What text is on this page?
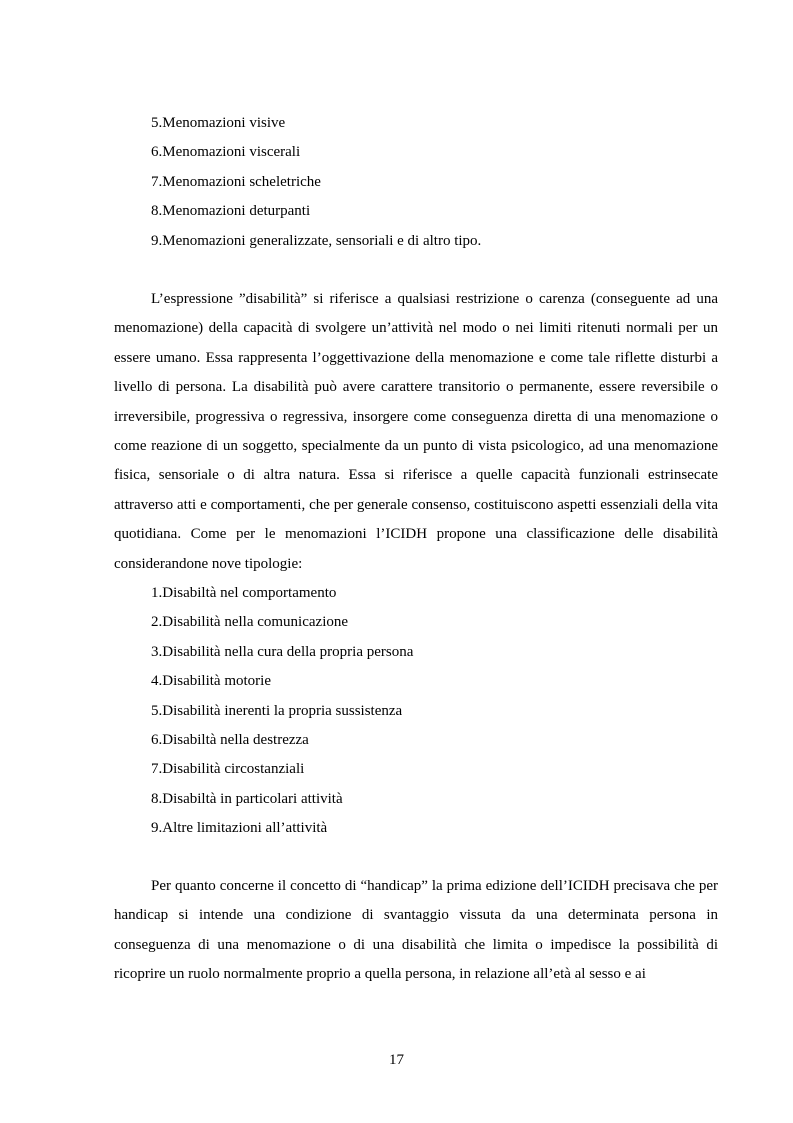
5.Menomazioni visive
6.Menomazioni viscerali
7.Menomazioni scheletriche
8.Menomazioni deturpanti
9.Menomazioni generalizzate, sensoriali e di altro tipo.

L’espressione ”disabilità” si riferisce a qualsiasi restrizione o carenza (conseguente ad una menomazione) della capacità di svolgere un’attività nel modo o nei limiti ritenuti normali per un essere umano. Essa rappresenta l’oggettivazione della menomazione e come tale riflette disturbi a livello di persona. La disabilità può avere carattere transitorio o permanente, essere reversibile o irreversibile, progressiva o regressiva, insorgere come conseguenza diretta di una menomazione o come reazione di un soggetto, specialmente da un punto di vista psicologico, ad una menomazione fisica, sensoriale o di altra natura. Essa si riferisce a quelle capacità funzionali estrinsecate attraverso atti e comportamenti, che per generale consenso, costituiscono aspetti essenziali della vita quotidiana. Come per le menomazioni l’ICIDH propone una classificazione delle disabilità considerandone nove tipologie:

1.Disabiltà nel comportamento
2.Disabilità nella comunicazione
3.Disabilità nella cura della propria persona
4.Disabilità motorie
5.Disabilità inerenti la propria sussistenza
6.Disabiltà nella destrezza
7.Disabilità circostanziali
8.Disabiltà in particolari attività
9.Altre limitazioni all’attività

Per quanto concerne il concetto di “handicap” la prima edizione dell’ICIDH precisava che per handicap si intende una condizione di svantaggio vissuta da una determinata persona in conseguenza di una menomazione o di una disabilità che limita o impedisce la possibilità di ricoprire un ruolo normalmente proprio a quella persona, in relazione all’età al sesso e ai

17
